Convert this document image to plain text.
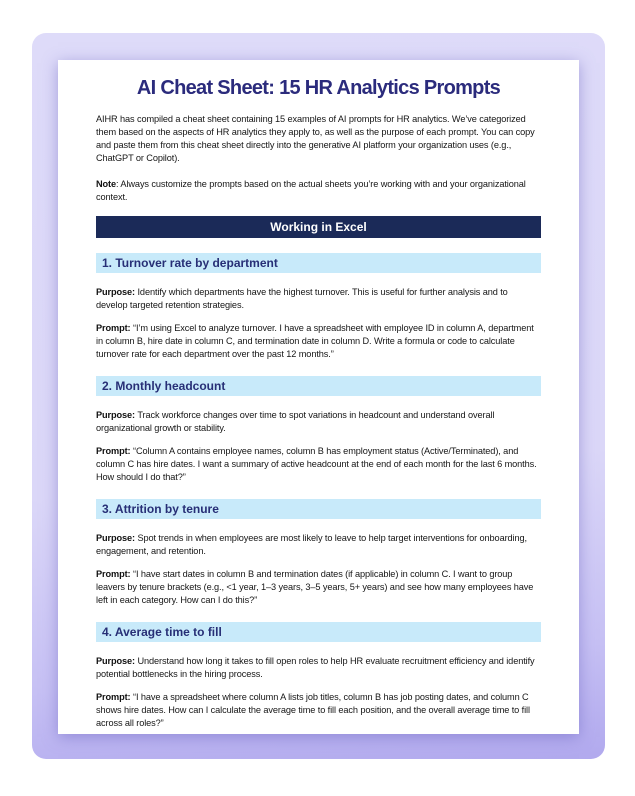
AI Cheat Sheet: 15 HR Analytics Prompts

AIHR has compiled a cheat sheet containing 15 examples of AI prompts for HR analytics. We’ve categorized them based on the aspects of HR analytics they apply to, as well as the purpose of each prompt. You can copy and paste them from this cheat sheet directly into the generative AI platform your organization uses (e.g., ChatGPT or Copilot).

Note: Always customize the prompts based on the actual sheets you’re working with and your organizational context.

Working in Excel
1. Turnover rate by department

Purpose: Identify which departments have the highest turnover. This is useful for further analysis and to develop targeted retention strategies.

Prompt: “I’m using Excel to analyze turnover. I have a spreadsheet with employee ID in column A, department in column B, hire date in column C, and termination date in column D. Write a formula or code to calculate turnover rate for each department over the past 12 months.”

2. Monthly headcount

Purpose: Track workforce changes over time to spot variations in headcount and understand overall organizational growth or stability.

Prompt: “Column A contains employee names, column B has employment status (Active/Terminated), and column C has hire dates. I want a summary of active headcount at the end of each month for the last 6 months. How should I do that?”

3. Attrition by tenure

Purpose: Spot trends in when employees are most likely to leave to help target interventions for onboarding, engagement, and retention.

Prompt: “I have start dates in column B and termination dates (if applicable) in column C. I want to group leavers by tenure brackets (e.g., <1 year, 1–3 years, 3–5 years, 5+ years) and see how many employees have left in each category. How can I do this?”

4. Average time to fill

Purpose: Understand how long it takes to fill open roles to help HR evaluate recruitment efficiency and identify potential bottlenecks in the hiring process.

Prompt: “I have a spreadsheet where column A lists job titles, column B has job posting dates, and column C shows hire dates. How can I calculate the average time to fill each position, and the overall average time to fill across all roles?”
